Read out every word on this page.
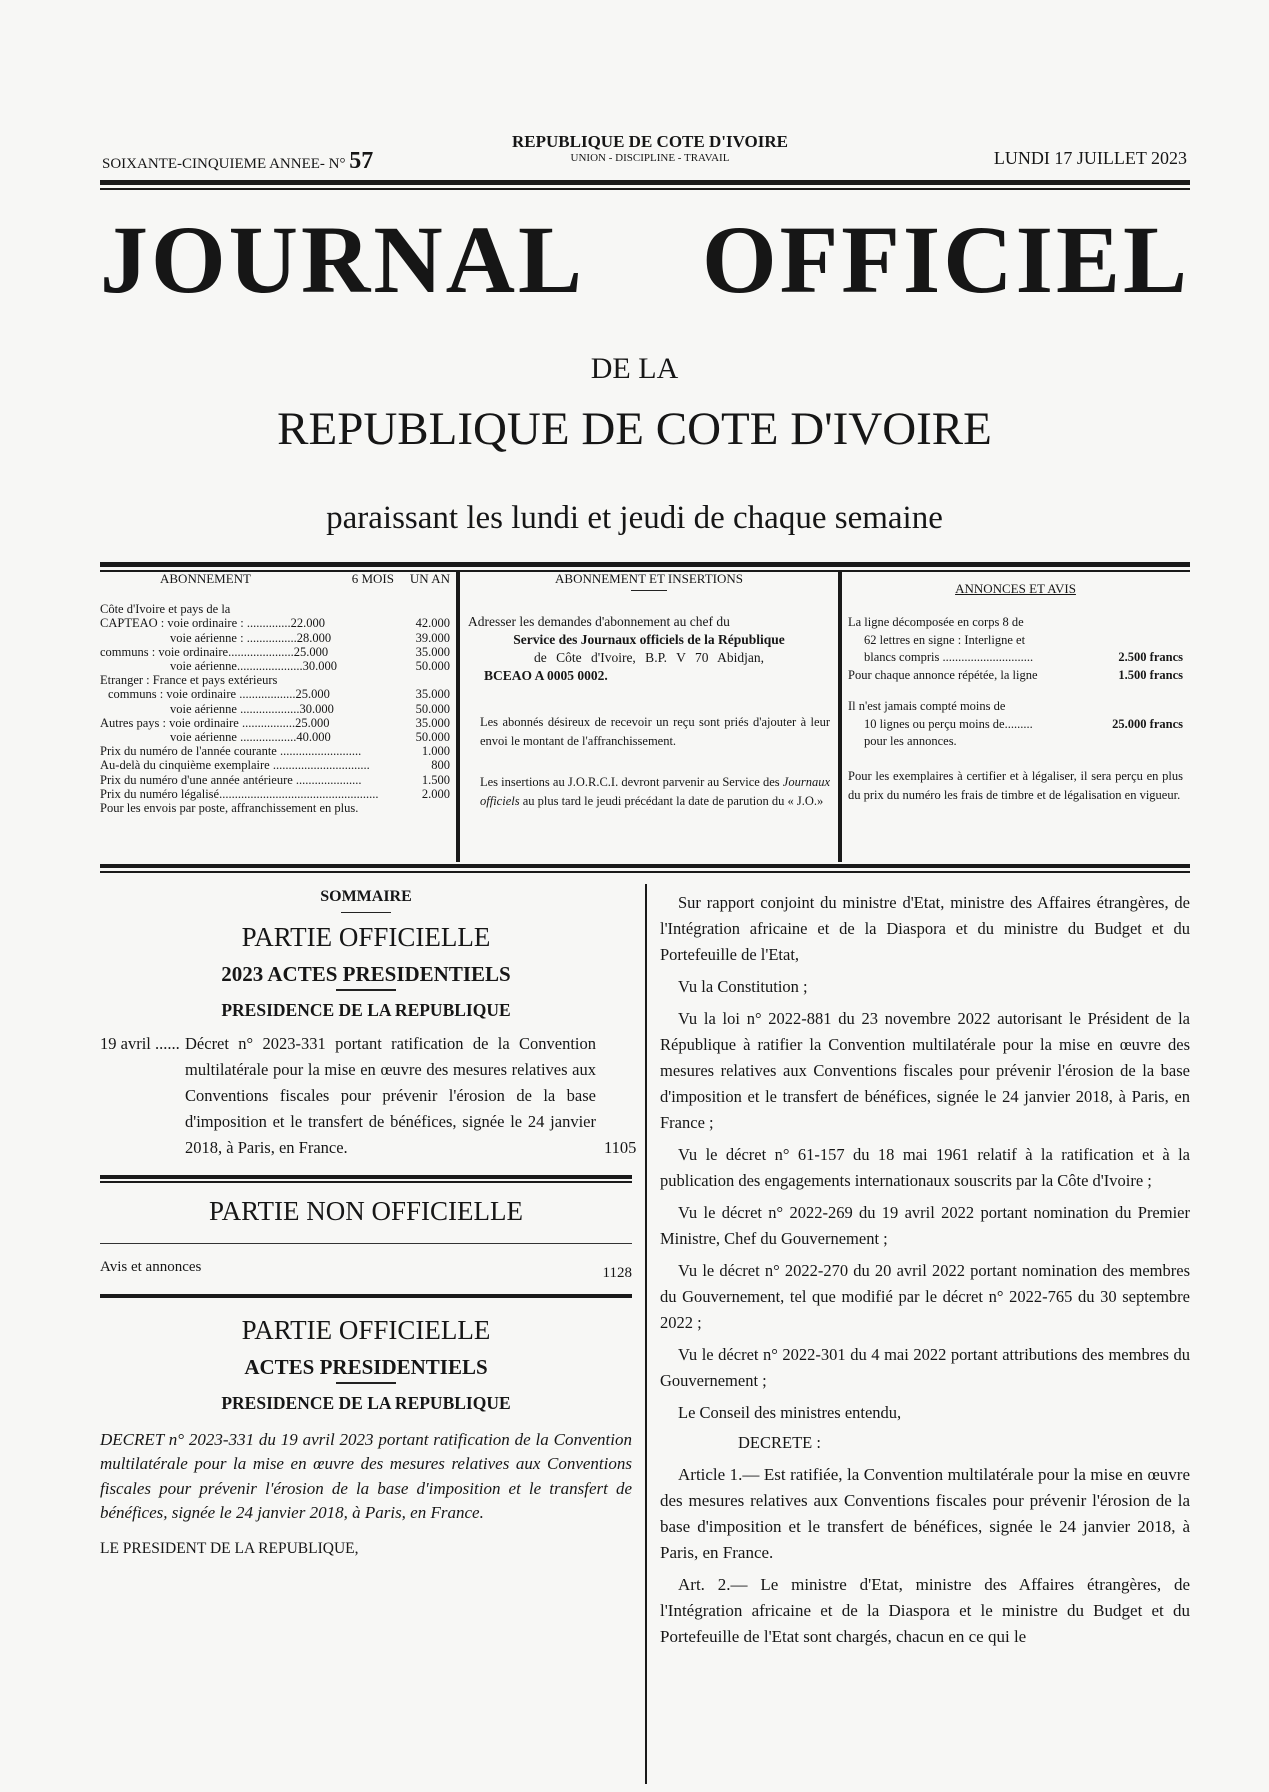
SOIXANTE-CINQUIEME ANNEE- N° 57
REPUBLIQUE DE COTE D'IVOIRE
UNION - DISCIPLINE - TRAVAIL	LUNDI 17 JUILLET 2023
JOURNAL OFFICIEL
DE LA
REPUBLIQUE DE COTE D'IVOIRE
paraissant les lundi et jeudi de chaque semaine
ABONNEMENT	6 MOIS	UN AN
Côte d'Ivoire et pays de la
CAPTEAO : voie ordinaire : ..............22.000	42.000
voie aérienne : ................28.000	39.000
communs : voie ordinaire.....................25.000	35.000
voie aérienne.....................30.000	50.000
Etranger : France et pays extérieurs
communs : voie ordinaire ..................25.000	35.000
voie aérienne ...................30.000	50.000
Autres pays : voie ordinaire .................25.000	35.000
voie aérienne ..................40.000	50.000
Prix du numéro de l'année courante ..........................	1.000
Au-delà du cinquième exemplaire ...............................	800
Prix du numéro d'une année antérieure .....................	1.500
Prix du numéro légalisé...................................................	2.000
Pour les envois par poste, affranchissement en plus.
ABONNEMENT ET INSERTIONS
Adresser les demandes d'abonnement au chef du
Service des Journaux officiels de la République
de Côte d'Ivoire, B.P. V 70 Abidjan,
BCEAO A 0005 0002.
Les abonnés désireux de recevoir un reçu sont priés d'ajouter à leur envoi le montant de l'affranchissement.
Les insertions au J.O.R.C.I. devront parvenir au Service des Journaux officiels au plus tard le jeudi précédant la date de parution du « J.O.»
ANNONCES ET AVIS
La ligne décomposée en corps 8 de
62 lettres en signe : Interligne et
blancs compris .............................	2.500 francs
Pour chaque annonce répétée, la ligne	1.500 francs
Il n'est jamais compté moins de
10 lignes ou perçu moins de.........	25.000 francs
pour les annonces.
Pour les exemplaires à certifier et à légaliser, il sera perçu en plus du prix du numéro les frais de timbre et de légalisation en vigueur.
SOMMAIRE
PARTIE OFFICIELLE
2023 ACTES PRESIDENTIELS
PRESIDENCE DE LA REPUBLIQUE
19 avril ...... Décret n° 2023-331 portant ratification de la Convention multilatérale pour la mise en œuvre des mesures relatives aux Conventions fiscales pour prévenir l'érosion de la base d'imposition et le transfert de bénéfices, signée le 24 janvier 2018, à Paris, en France.	1105
PARTIE NON OFFICIELLE
Avis et annonces	1128
PARTIE OFFICIELLE
ACTES PRESIDENTIELS
PRESIDENCE DE LA REPUBLIQUE
DECRET n° 2023-331 du 19 avril 2023 portant ratification de la Convention multilatérale pour la mise en œuvre des mesures relatives aux Conventions fiscales pour prévenir l'érosion de la base d'imposition et le transfert de bénéfices, signée le 24 janvier 2018, à Paris, en France.
LE PRESIDENT DE LA REPUBLIQUE,

Sur rapport conjoint du ministre d'Etat, ministre des Affaires étrangères, de l'Intégration africaine et de la Diaspora et du ministre du Budget et du Portefeuille de l'Etat,

Vu la Constitution ;

Vu la loi n° 2022-881 du 23 novembre 2022 autorisant le Président de la République à ratifier la Convention multilatérale pour la mise en œuvre des mesures relatives aux Conventions fiscales pour prévenir l'érosion de la base d'imposition et le transfert de bénéfices, signée le 24 janvier 2018, à Paris, en France ;

Vu le décret n° 61-157 du 18 mai 1961 relatif à la ratification et à la publication des engagements internationaux souscrits par la Côte d'Ivoire ;

Vu le décret n° 2022-269 du 19 avril 2022 portant nomination du Premier Ministre, Chef du Gouvernement ;

Vu le décret n° 2022-270 du 20 avril 2022 portant nomination des membres du Gouvernement, tel que modifié par le décret n° 2022-765 du 30 septembre 2022 ;

Vu le décret n° 2022-301 du 4 mai 2022 portant attributions des membres du Gouvernement ;

Le Conseil des ministres entendu,

DECRETE :

Article 1.— Est ratifiée, la Convention multilatérale pour la mise en œuvre des mesures relatives aux Conventions fiscales pour prévenir l'érosion de la base d'imposition et le transfert de bénéfices, signée le 24 janvier 2018, à Paris, en France.

Art. 2.— Le ministre d'Etat, ministre des Affaires étrangères, de l'Intégration africaine et de la Diaspora et le ministre du Budget et du Portefeuille de l'Etat sont chargés, chacun en ce qui le
